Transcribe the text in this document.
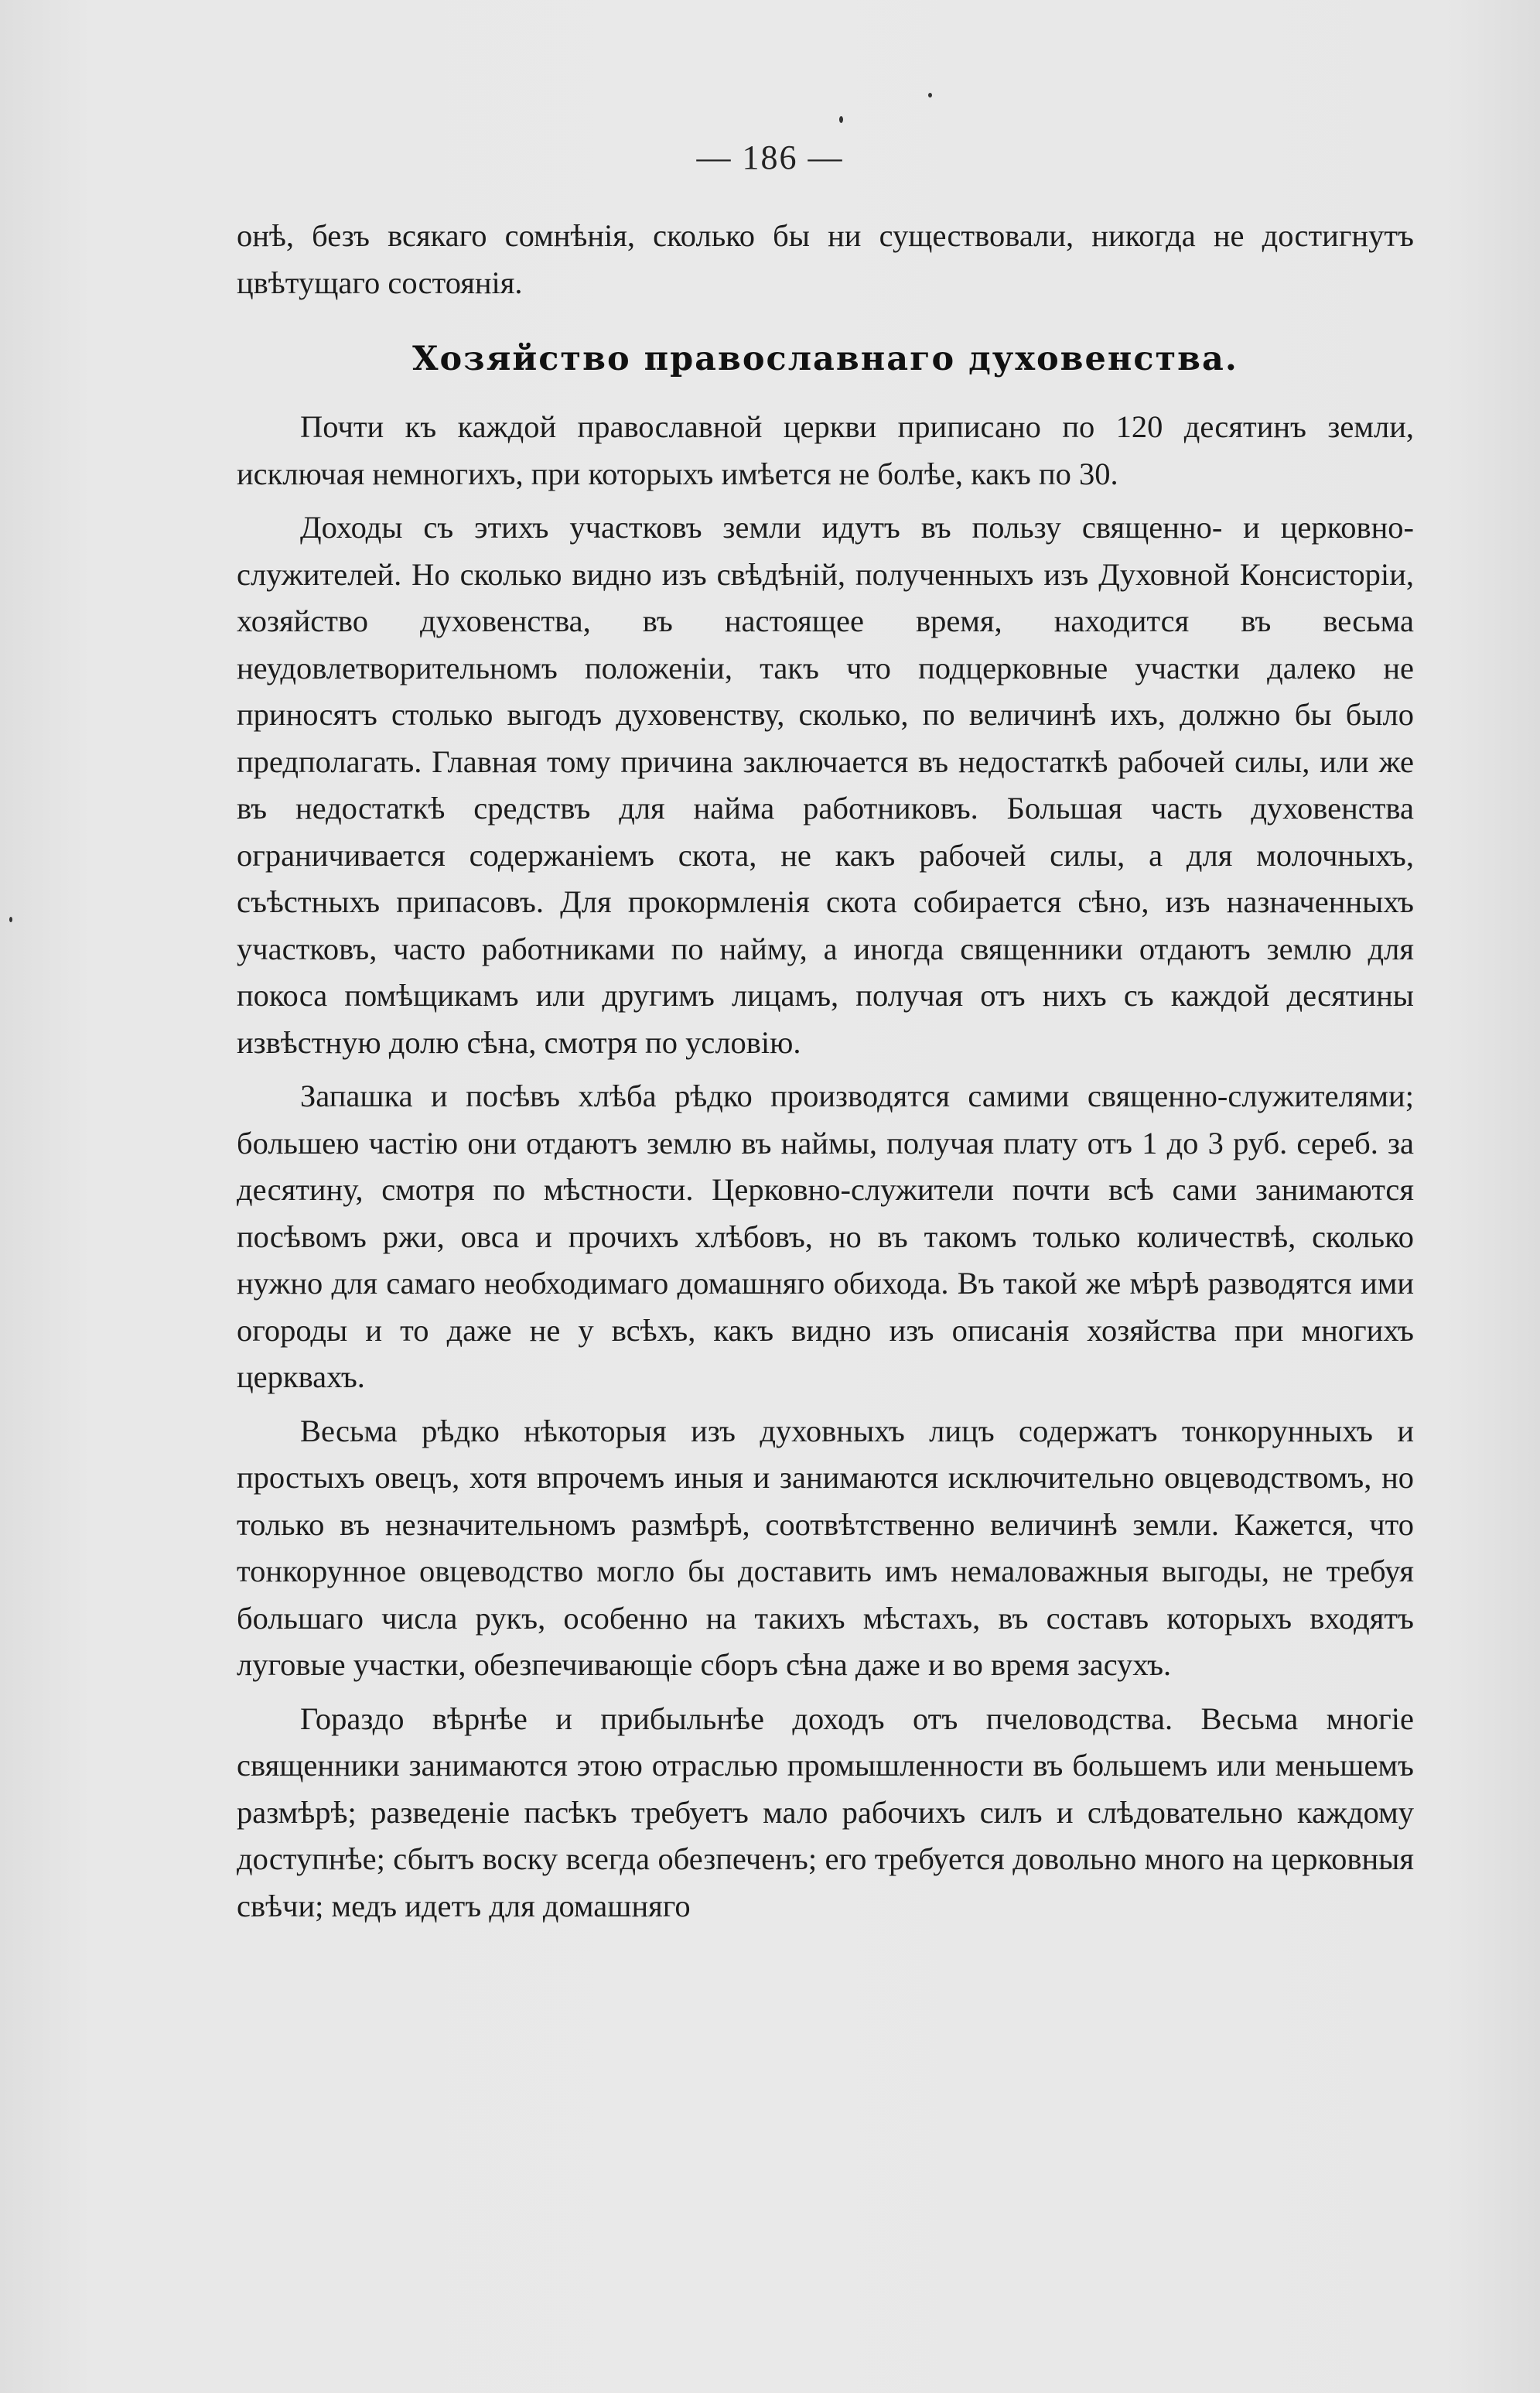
— 186 —

онѣ, безъ всякаго сомнѣнія, сколько бы ни существовали, никогда не достигнутъ цвѣтущаго состоянія.

Хозяйство православнаго духовенства.

Почти къ каждой православной церкви приписано по 120 десятинъ земли, исключая немногихъ, при которыхъ имѣется не болѣе, какъ по 30.

Доходы съ этихъ участковъ земли идутъ въ пользу священно- и церковно-служителей. Но сколько видно изъ свѣдѣній, полученныхъ изъ Духовной Консисторіи, хозяйство духовенства, въ настоящее время, находится въ весьма неудовлетворительномъ положеніи, такъ что подцерковные участки далеко не приносятъ столько выгодъ духовенству, сколько, по величинѣ ихъ, должно бы было предполагать. Главная тому причина заключается въ недостаткѣ рабочей силы, или же въ недостаткѣ средствъ для найма работниковъ. Большая часть духовенства ограничивается содержаніемъ скота, не какъ рабочей силы, а для молочныхъ, съѣстныхъ припасовъ. Для прокормленія скота собирается сѣно, изъ назначенныхъ участковъ, часто работниками по найму, а иногда священники отдаютъ землю для покоса помѣщикамъ или другимъ лицамъ, получая отъ нихъ съ каждой десятины извѣстную долю сѣна, смотря по условію.

Запашка и посѣвъ хлѣба рѣдко производятся самими священно-служителями; большею частію они отдаютъ землю въ наймы, получая плату отъ 1 до 3 руб. сереб. за десятину, смотря по мѣстности. Церковно-служители почти всѣ сами занимаются посѣвомъ ржи, овса и прочихъ хлѣбовъ, но въ такомъ только количествѣ, сколько нужно для самаго необходимаго домашняго обихода. Въ такой же мѣрѣ разводятся ими огороды и то даже не у всѣхъ, какъ видно изъ описанія хозяйства при многихъ церквахъ.

Весьма рѣдко нѣкоторыя изъ духовныхъ лицъ содержатъ тонкорунныхъ и простыхъ овецъ, хотя впрочемъ иныя и занимаются исключительно овцеводствомъ, но только въ незначительномъ размѣрѣ, соотвѣтственно величинѣ земли. Кажется, что тонкорунное овцеводство могло бы доставить имъ немаловажныя выгоды, не требуя большаго числа рукъ, особенно на такихъ мѣстахъ, въ составъ которыхъ входятъ луговые участки, обезпечивающіе сборъ сѣна даже и во время засухъ.

Гораздо вѣрнѣе и прибыльнѣе доходъ отъ пчеловодства. Весьма многіе священники занимаются этою отраслью промышленности въ большемъ или меньшемъ размѣрѣ; разведеніе пасѣкъ требуетъ мало рабочихъ силъ и слѣдовательно каждому доступнѣе; сбытъ воску всегда обезпеченъ; его требуется довольно много на церковныя свѣчи; медъ идетъ для домашняго
